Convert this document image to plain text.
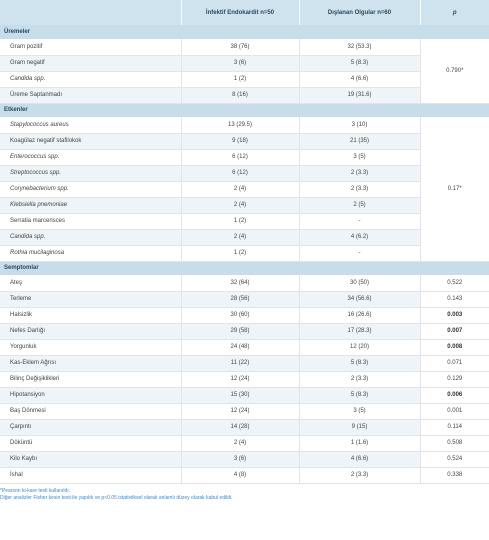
	İnfektif Endokardit n=50	Dışlanan Olgular n=60	p
Üremeler			
Gram pozitif	38 (76)	32 (53.3)	0.790*
Gram negatif	3 (6)	5 (8.3)	
Candida spp.	1 (2)	4 (6.6)	
Üreme Saptanmadı	8 (16)	19 (31.6)	
Etkenler			
Stapylococcus aureus	13 (29.5)	3 (10)	0.17*
Koagülaz negatif stafilokok	9 (18)	21 (35)	
Enterococcus spp.	6 (12)	3 (5)	
Streptococcus spp.	6 (12)	2 (3.3)	
Corynebacterium spp.	2 (4)	2 (3.3)	
Klebsiella pnemoniae	2 (4)	2 (5)	
Serratia marcensces	1 (2)	-	
Candida spp.	2 (4)	4 (6.2)	
Rothia mucilaginosa	1 (2)	-	
Semptomlar			
Ateş	32 (64)	30 (50)	0.522
Terleme	28 (56)	34 (56.6)	0.143
Halsizlik	30 (60)	16 (26.6)	0.003
Nefes Darlığı	29 (58)	17 (28.3)	0.007
Yorgunluk	24 (48)	12 (20)	0.008
Kas-Eklem Ağrısı	11 (22)	5 (8.3)	0.071
Bilinç Değişiklikleri	12 (24)	2 (3.3)	0.129
Hipotansiyon	15 (30)	5 (8.3)	0.006
Baş Dönmesi	12 (24)	3 (5)	0.001
Çarpıntı	14 (28)	9 (15)	0.114
Döküntü	2 (4)	1 (1.6)	0.508
Kilo Kaybı	3 (6)	4 (6.6)	0.524
İshal	4 (8)	2 (3.3)	0.338
*Pearson ki-kare testi kullanıldı.
Diğer analizler Fisher kesin testi ile yapıldı ve p<0.05 istatistiksel olarak anlamlı düzey olarak kabul edildi.
